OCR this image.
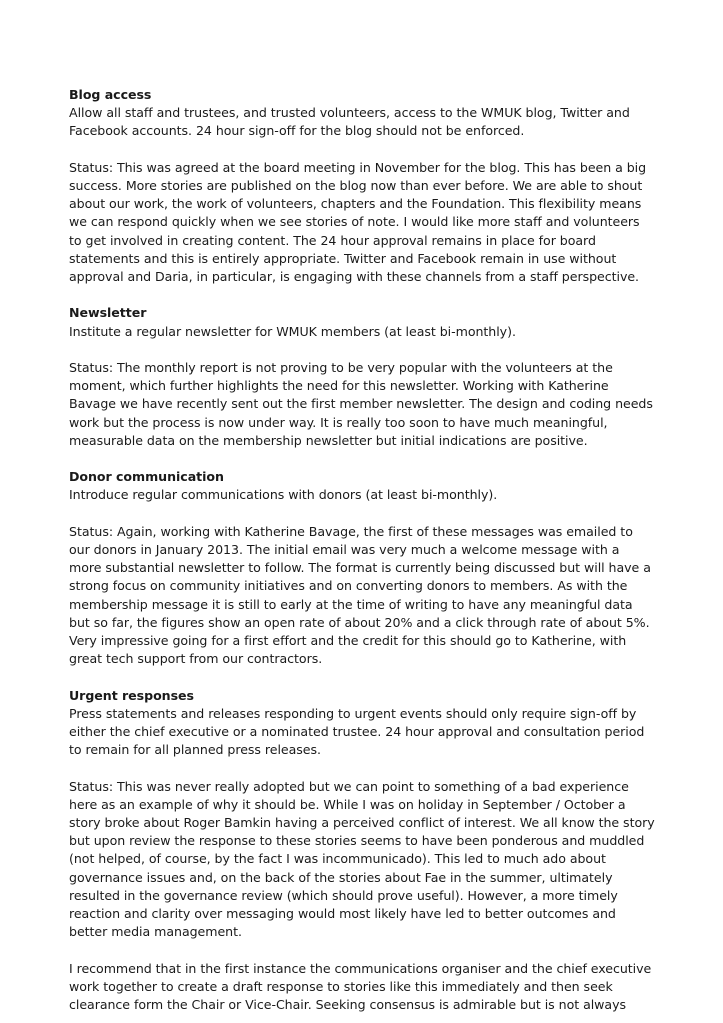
Blog access

Allow all staff and trustees, and trusted volunteers, access to the WMUK blog, Twitter and Facebook accounts. 24 hour sign-off for the blog should not be enforced.

Status: This was agreed at the board meeting in November for the blog. This has been a big success. More stories are published on the blog now than ever before. We are able to shout about our work, the work of volunteers, chapters and the Foundation. This flexibility means we can respond quickly when we see stories of note. I would like more staff and volunteers to get involved in creating content. The 24 hour approval remains in place for board statements and this is entirely appropriate. Twitter and Facebook remain in use without approval and Daria, in particular, is engaging with these channels from a staff perspective.

Newsletter

Institute a regular newsletter for WMUK members (at least bi-monthly).

Status: The monthly report is not proving to be very popular with the volunteers at the moment, which further highlights the need for this newsletter. Working with Katherine Bavage we have recently sent out the first member newsletter. The design and coding needs work but the process is now under way. It is really too soon to have much meaningful, measurable data on the membership newsletter but initial indications are positive.

Donor communication

Introduce regular communications with donors (at least bi-monthly).

Status: Again, working with Katherine Bavage, the first of these messages was emailed to our donors in January 2013. The initial email was very much a welcome message with a more substantial newsletter to follow. The format is currently being discussed but will have a strong focus on community initiatives and on converting donors to members. As with the membership message it is still to early at the time of writing to have any meaningful data but so far, the figures show an open rate of about 20% and a click through rate of about 5%. Very impressive going for a first effort and the credit for this should go to Katherine, with great tech support from our contractors.

Urgent responses

Press statements and releases responding to urgent events should only require sign-off by either the chief executive or a nominated trustee. 24 hour approval and consultation period to remain for all planned press releases.

Status: This was never really adopted but we can point to something of a bad experience here as an example of why it should be. While I was on holiday in September / October a story broke about Roger Bamkin having a perceived conflict of interest. We all know the story but upon review the response to these stories seems to have been ponderous and muddled (not helped, of course, by the fact I was incommunicado). This led to much ado about governance issues and, on the back of the stories about Fae in the summer, ultimately resulted in the governance review (which should prove useful). However, a more timely reaction and clarity over messaging would most likely have led to better outcomes and better media management.

I recommend that in the first instance the communications organiser and the chief executive work together to create a draft response to stories like this immediately and then seek clearance form the Chair or Vice-Chair. Seeking consensus is admirable but is not always
